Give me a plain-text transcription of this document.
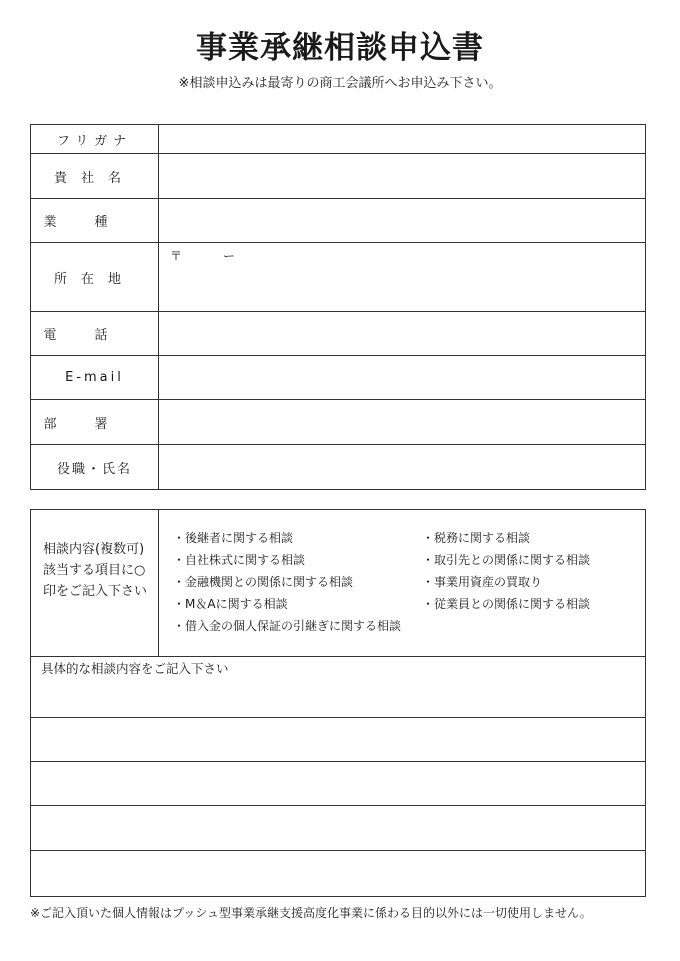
事業承継相談申込書
※相談申込みは最寄りの商工会議所へお申込み下さい。
フリガナ	
貴社名	
業種	
所在地	〒 ー

電話	
E-mail	
部署	
役職・氏名	
相談内容(複数可)該当する項目に○印をご記入下さい
・後継者に関する相談
・自社株式に関する相談
・金融機関との関係に関する相談
・M＆Aに関する相談
・借入金の個人保証の引継ぎに関する相談
・税務に関する相談
・取引先との関係に関する相談
・事業用資産の買取り
・従業員との関係に関する相談
具体的な相談内容をご記入下さい
※ご記入頂いた個人情報はプッシュ型事業承継支援高度化事業に係わる目的以外には一切使用しません。
